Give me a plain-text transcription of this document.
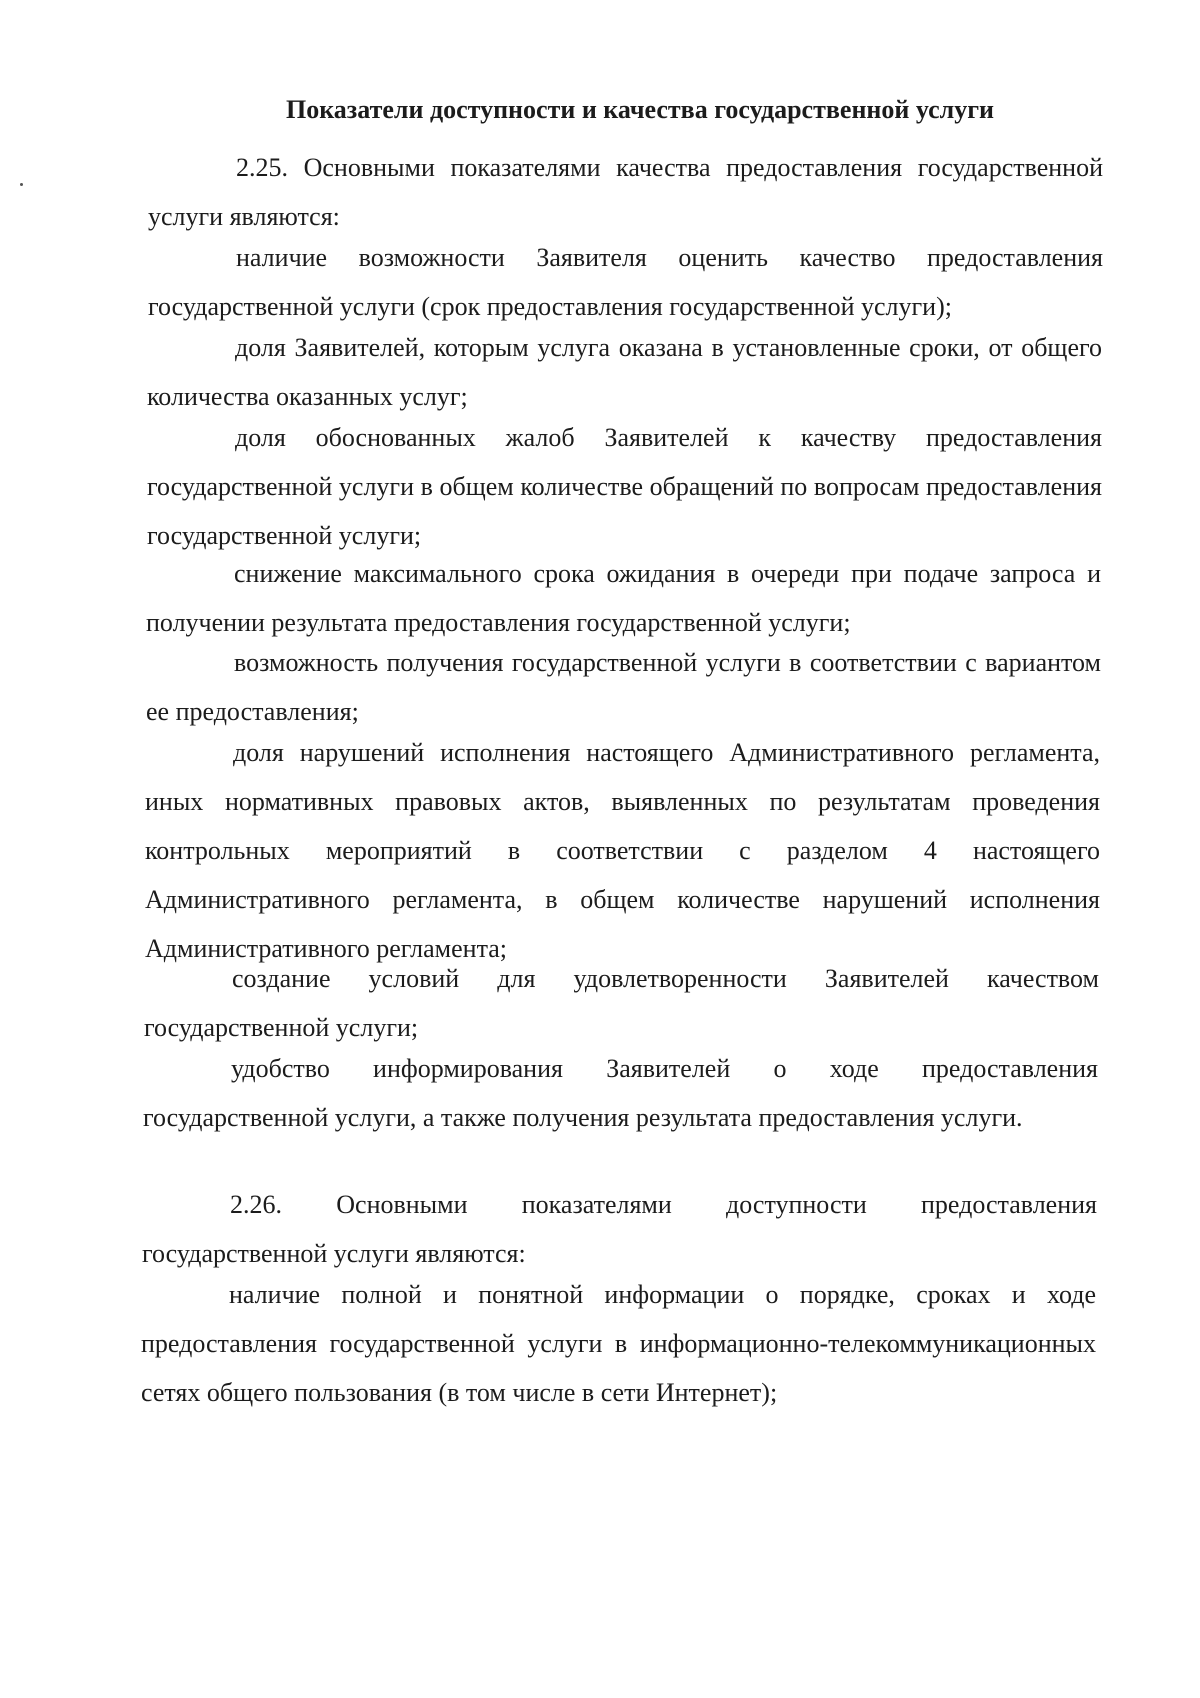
Показатели доступности и качества государственной услуги
2.25. Основными показателями качества предоставления государственной услуги являются:
наличие возможности Заявителя оценить качество предоставления государственной услуги (срок предоставления государственной услуги);
доля Заявителей, которым услуга оказана в установленные сроки, от общего количества оказанных услуг;
доля обоснованных жалоб Заявителей к качеству предоставления государственной услуги в общем количестве обращений по вопросам предоставления государственной услуги;
снижение максимального срока ожидания в очереди при подаче запроса и получении результата предоставления государственной услуги;
возможность получения государственной услуги в соответствии с вариантом ее предоставления;
доля нарушений исполнения настоящего Административного регламента, иных нормативных правовых актов, выявленных по результатам проведения контрольных мероприятий в соответствии с разделом 4 настоящего Административного регламента, в общем количестве нарушений исполнения Административного регламента;
создание условий для удовлетворенности Заявителей качеством государственной услуги;
удобство информирования Заявителей о ходе предоставления государственной услуги, а также получения результата предоставления услуги.
2.26. Основными показателями доступности предоставления государственной услуги являются:
наличие полной и понятной информации о порядке, сроках и ходе предоставления государственной услуги в информационно-телекоммуникационных сетях общего пользования (в том числе в сети Интернет);
